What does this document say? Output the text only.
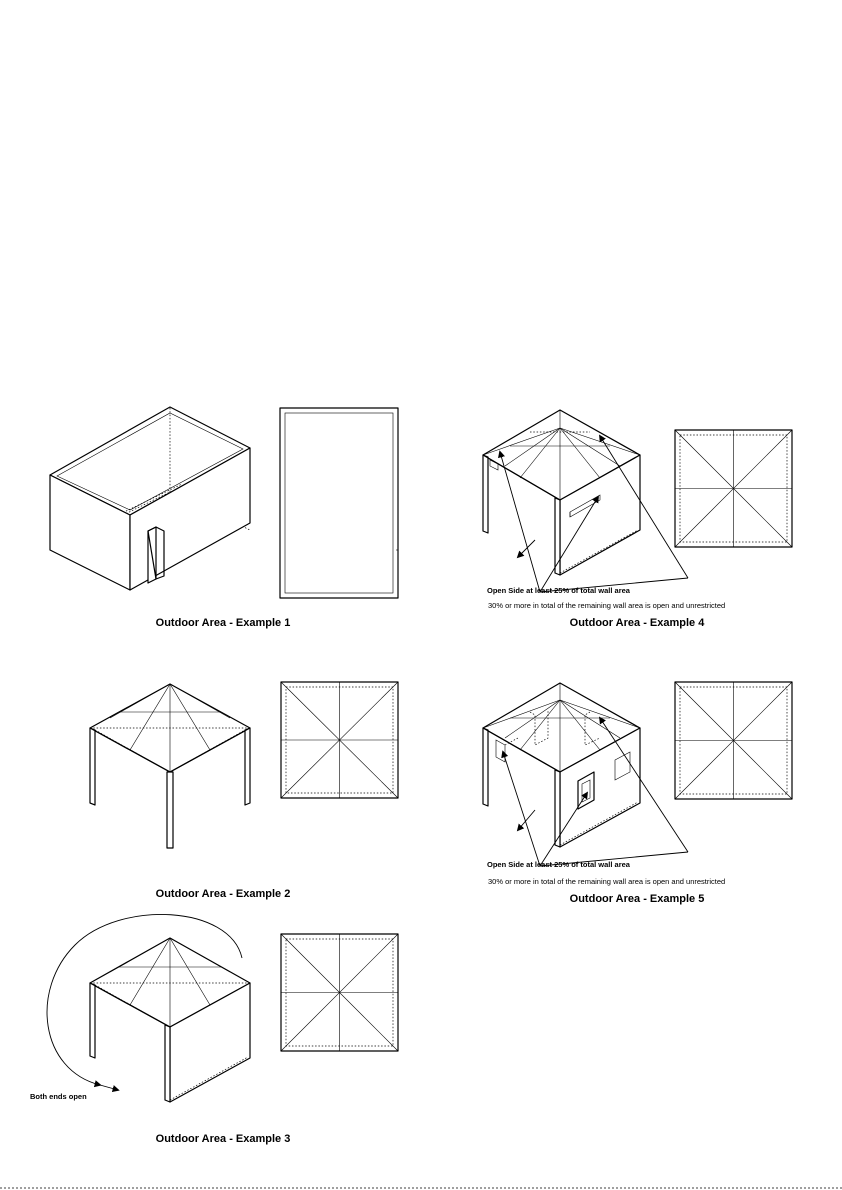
Outdoor Area - Example 1
Outdoor Area - Example 2
Both ends open
Outdoor Area - Example 3
Open Side at least 25% of total wall area
30% or more in total of the remaining wall area is open and unrestricted
Outdoor Area - Example 4
Open Side at least 25% of total wall area
30% or more in total of the remaining wall area is open and unrestricted
Outdoor Area - Example 5
